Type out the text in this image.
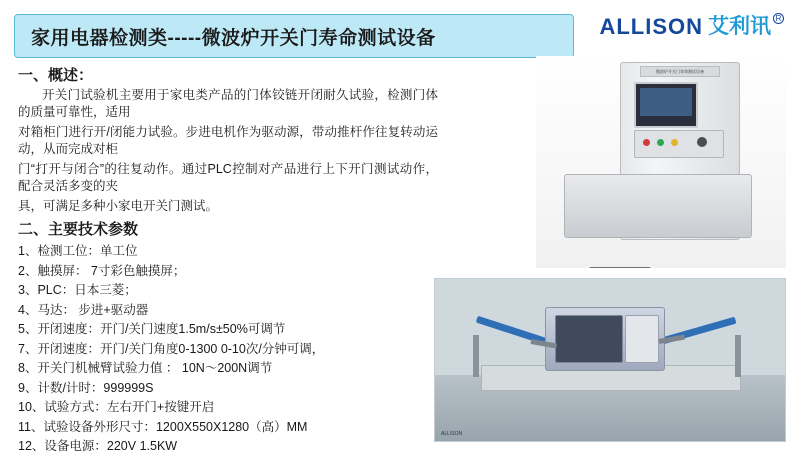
家用电器检测类-----微波炉开关门寿命测试设备	ALLISON 艾利讯 R
一、概述：
开关门试验机主要用于家电类产品的门体铰链开闭耐久试验，检测门体的质量可靠性，适用
对箱柜门进行开/闭能力试验。步进电机作为驱动源，带动推杆作往复转动运动，从而完成对柜
门“打开与闭合”的往复动作。通过PLC控制对产品进行上下开门测试动作，配合灵活多变的夹
具，可满足多种小家电开关门测试。
二、主要技术参数
1、检测工位：单工位
2、触摸屏： 7寸彩色触摸屏；
3、PLC：日本三菱；
4、马达： 步进+驱动器
5、开闭速度：开门/关门速度1.5m/s±50%可调节
7、开闭速度：开门/关门角度0-1300 0-10次/分钟可调，
8、开关门机械臂试验力值 ： 10N～200N调节
9、计数/计时：999999S
10、试验方式：左右开门+按键开启
11、试验设备外形尺寸：1200X550X1280（高）MM
12、设备电源：220V 1.5KW
微波炉开关门寿命测试设备
ALLISON
